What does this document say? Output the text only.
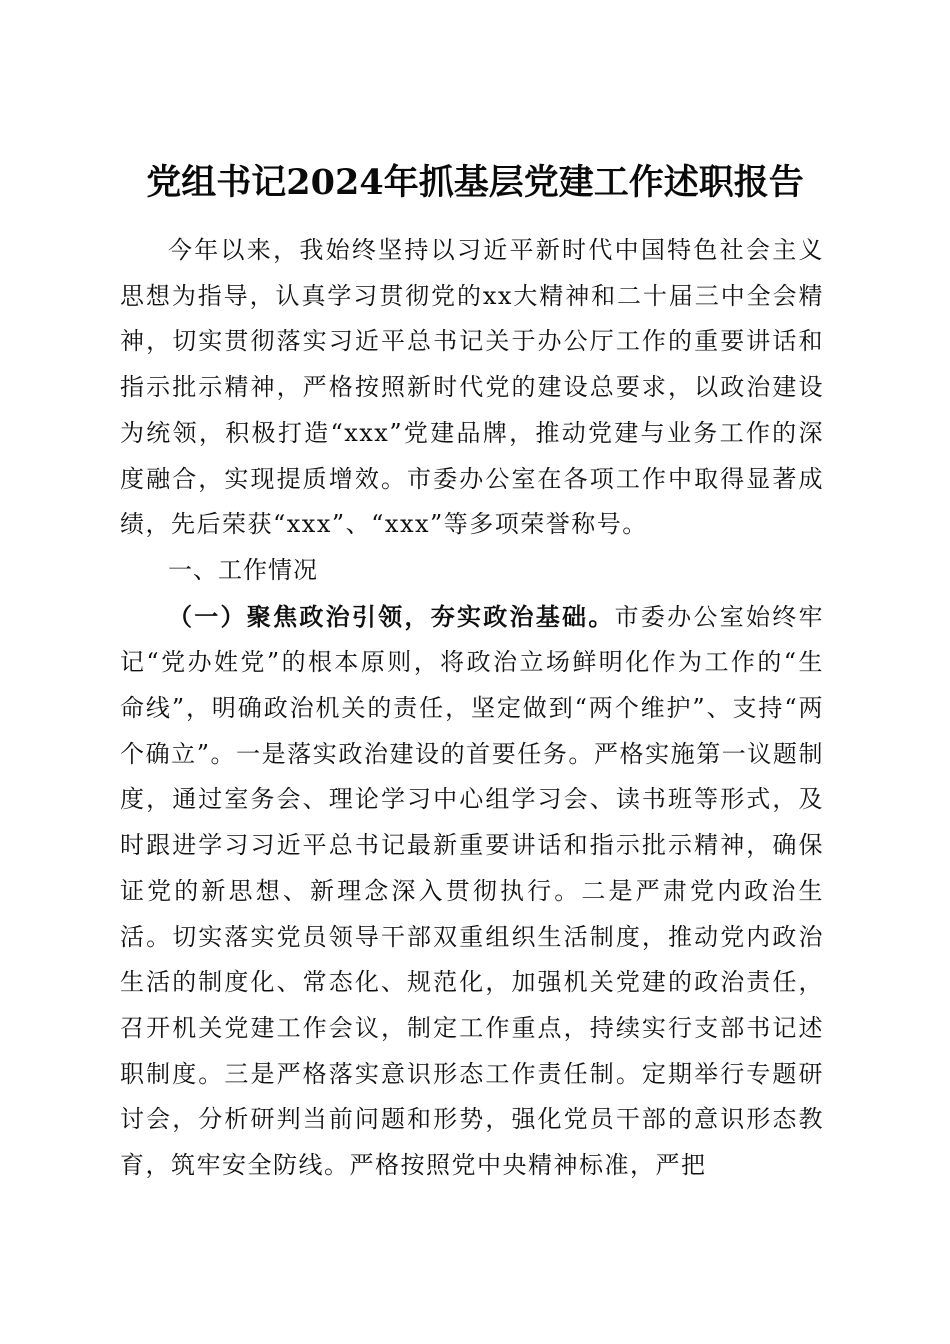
党组书记2024年抓基层党建工作述职报告

今年以来，我始终坚持以习近平新时代中国特色社会主义思想为指导，认真学习贯彻党的xx大精神和二十届三中全会精神，切实贯彻落实习近平总书记关于办公厅工作的重要讲话和指示批示精神，严格按照新时代党的建设总要求，以政治建设为统领，积极打造“xxx”党建品牌，推动党建与业务工作的深度融合，实现提质增效。市委办公室在各项工作中取得显著成绩，先后荣获“xxx”、“xxx”等多项荣誉称号。

一、工作情况

（一）聚焦政治引领，夯实政治基础。市委办公室始终牢记“党办姓党”的根本原则，将政治立场鲜明化作为工作的“生命线”，明确政治机关的责任，坚定做到“两个维护”、支持“两个确立”。一是落实政治建设的首要任务。严格实施第一议题制度，通过室务会、理论学习中心组学习会、读书班等形式，及时跟进学习习近平总书记最新重要讲话和指示批示精神，确保证党的新思想、新理念深入贯彻执行。二是严肃党内政治生活。切实落实党员领导干部双重组织生活制度，推动党内政治生活的制度化、常态化、规范化，加强机关党建的政治责任，召开机关党建工作会议，制定工作重点，持续实行支部书记述职制度。三是严格落实意识形态工作责任制。定期举行专题研讨会，分析研判当前问题和形势，强化党员干部的意识形态教育，筑牢安全防线。严格按照党中央精神标准，严把
